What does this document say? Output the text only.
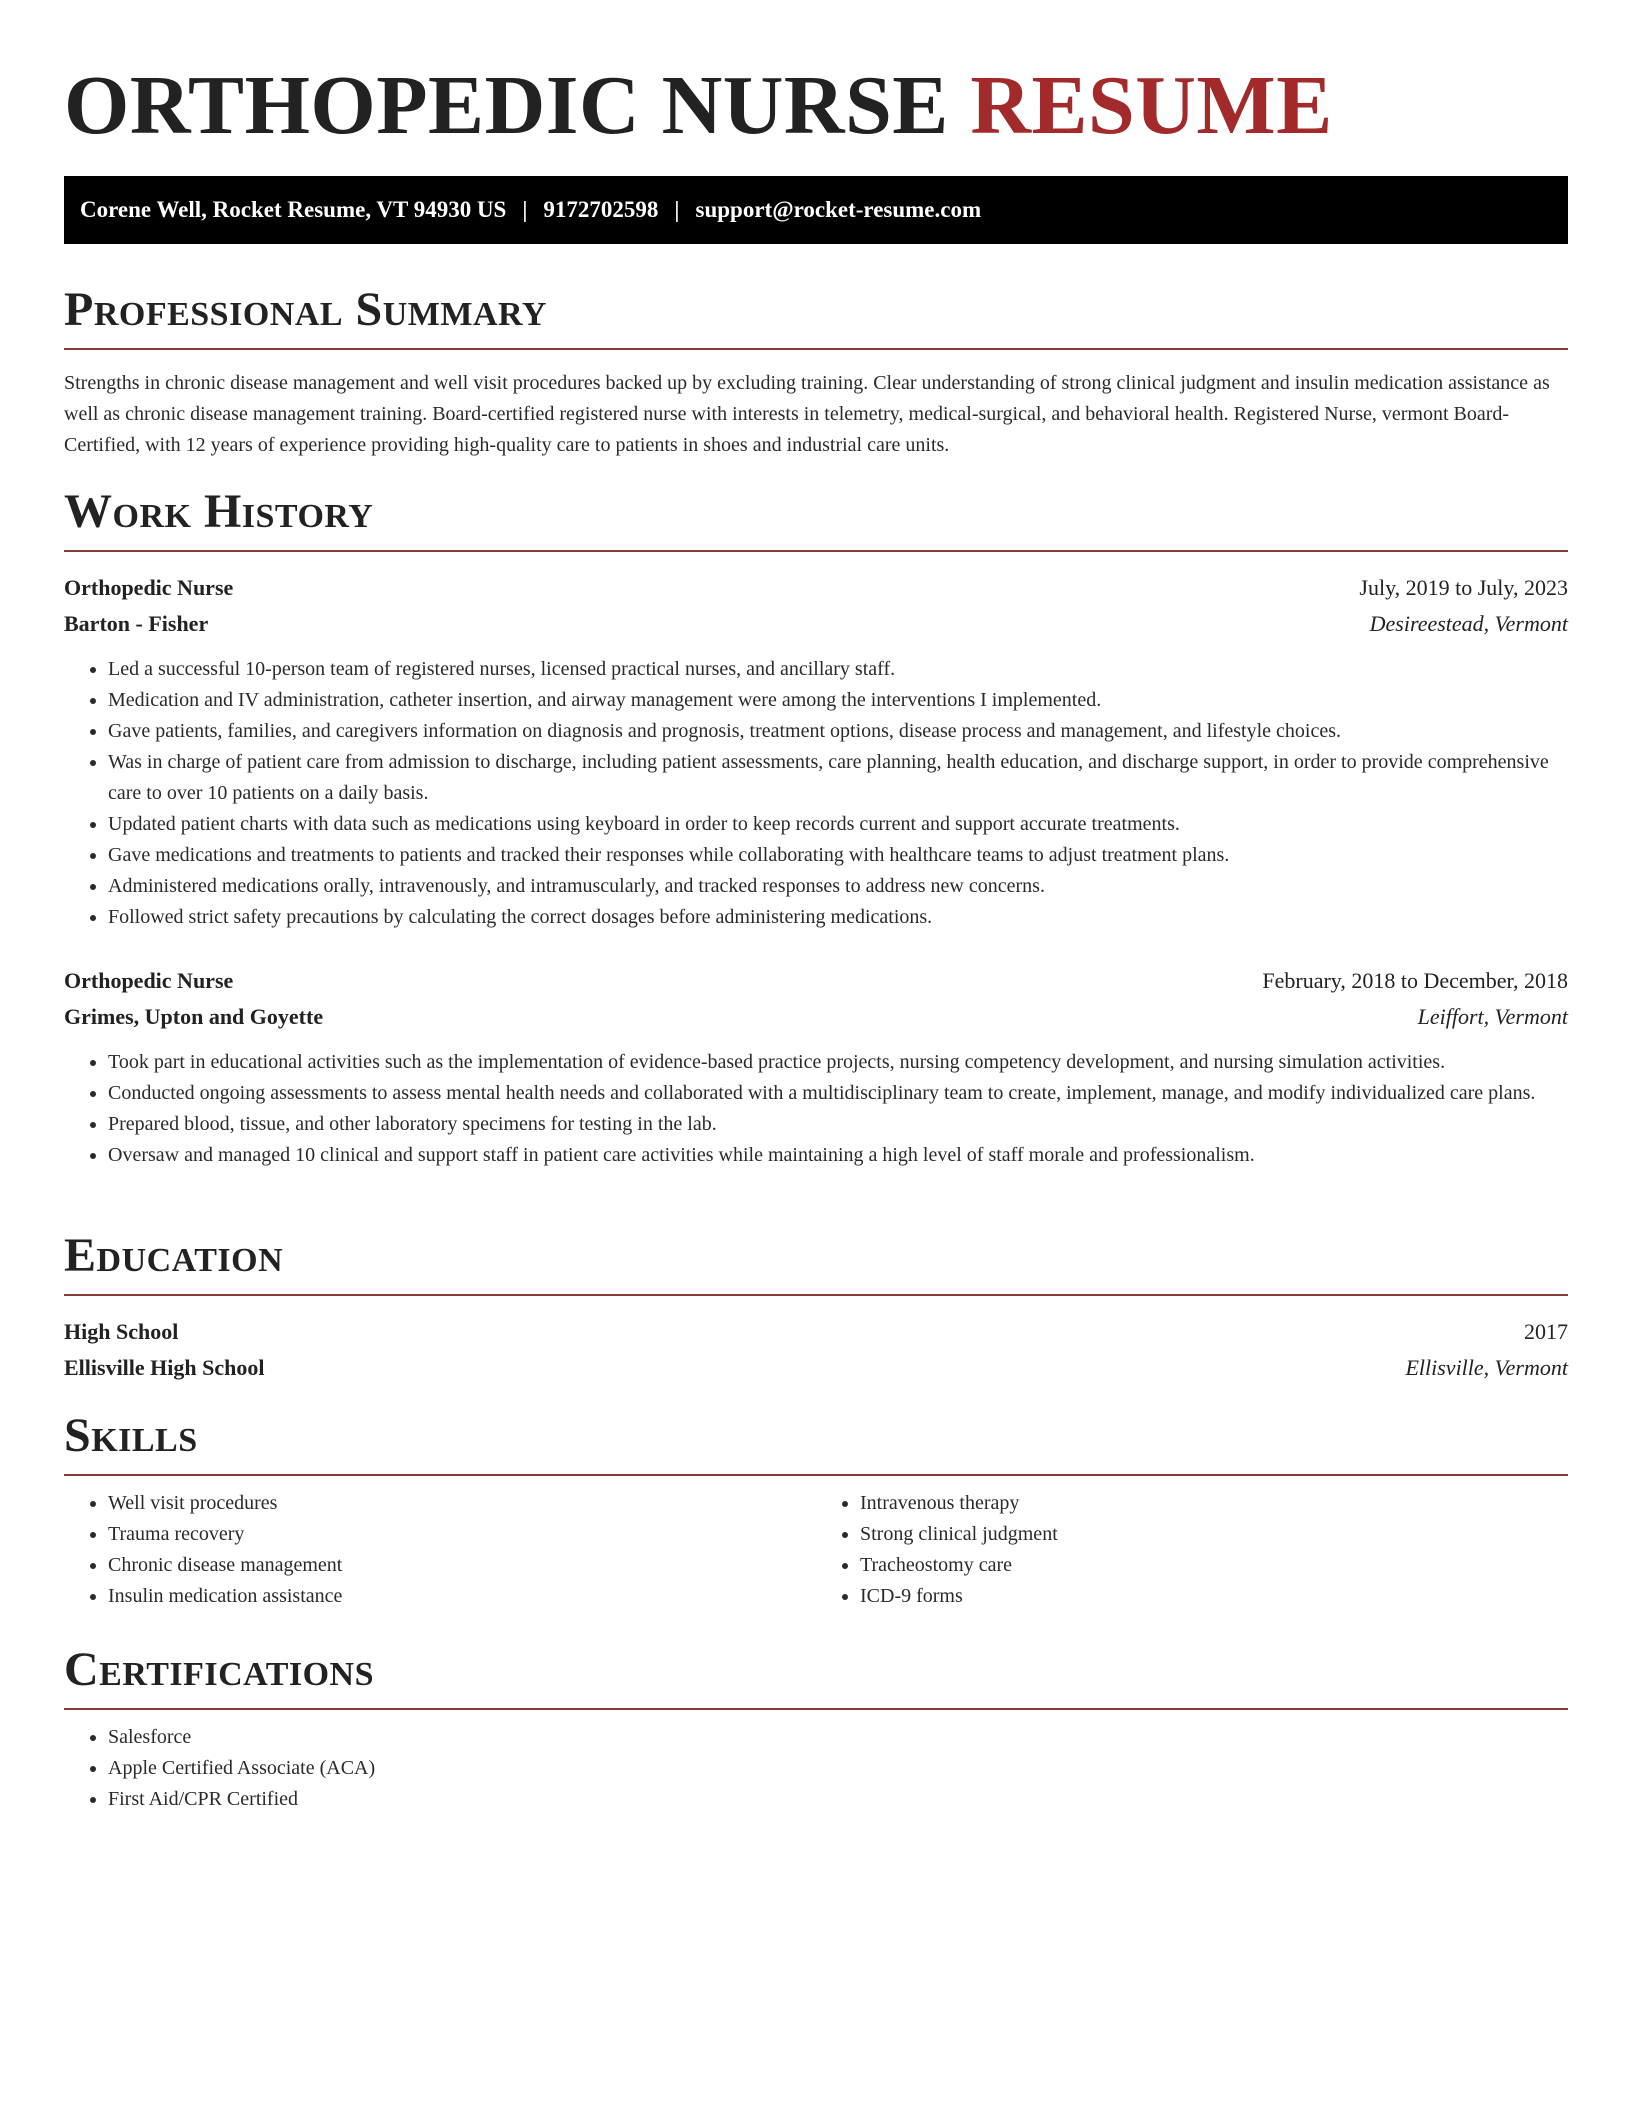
ORTHOPEDIC NURSE RESUME
Corene Well, Rocket Resume, VT 94930 US | 9172702598 | support@rocket-resume.com
Professional Summary

Strengths in chronic disease management and well visit procedures backed up by excluding training. Clear understanding of strong clinical judgment and insulin medication assistance as well as chronic disease management training. Board-certified registered nurse with interests in telemetry, medical-surgical, and behavioral health. Registered Nurse, vermont Board-Certified, with 12 years of experience providing high-quality care to patients in shoes and industrial care units.

Work History
Orthopedic Nurse	July, 2019 to July, 2023
Barton - Fisher	Desireestead, Vermont
• Led a successful 10-person team of registered nurses, licensed practical nurses, and ancillary staff.
• Medication and IV administration, catheter insertion, and airway management were among the interventions I implemented.
• Gave patients, families, and caregivers information on diagnosis and prognosis, treatment options, disease process and management, and lifestyle choices.
• Was in charge of patient care from admission to discharge, including patient assessments, care planning, health education, and discharge support, in order to provide comprehensive care to over 10 patients on a daily basis.
• Updated patient charts with data such as medications using keyboard in order to keep records current and support accurate treatments.
• Gave medications and treatments to patients and tracked their responses while collaborating with healthcare teams to adjust treatment plans.
• Administered medications orally, intravenously, and intramuscularly, and tracked responses to address new concerns.
• Followed strict safety precautions by calculating the correct dosages before administering medications.
Orthopedic Nurse	February, 2018 to December, 2018
Grimes, Upton and Goyette	Leiffort, Vermont
• Took part in educational activities such as the implementation of evidence-based practice projects, nursing competency development, and nursing simulation activities.
• Conducted ongoing assessments to assess mental health needs and collaborated with a multidisciplinary team to create, implement, manage, and modify individualized care plans.
• Prepared blood, tissue, and other laboratory specimens for testing in the lab.
• Oversaw and managed 10 clinical and support staff in patient care activities while maintaining a high level of staff morale and professionalism.
Education
High School	2017
Ellisville High School	Ellisville, Vermont
Skills
• Well visit procedures
• Trauma recovery
• Chronic disease management
• Insulin medication assistance
• Intravenous therapy
• Strong clinical judgment
• Tracheostomy care
• ICD-9 forms
Certifications
• Salesforce
• Apple Certified Associate (ACA)
• First Aid/CPR Certified
